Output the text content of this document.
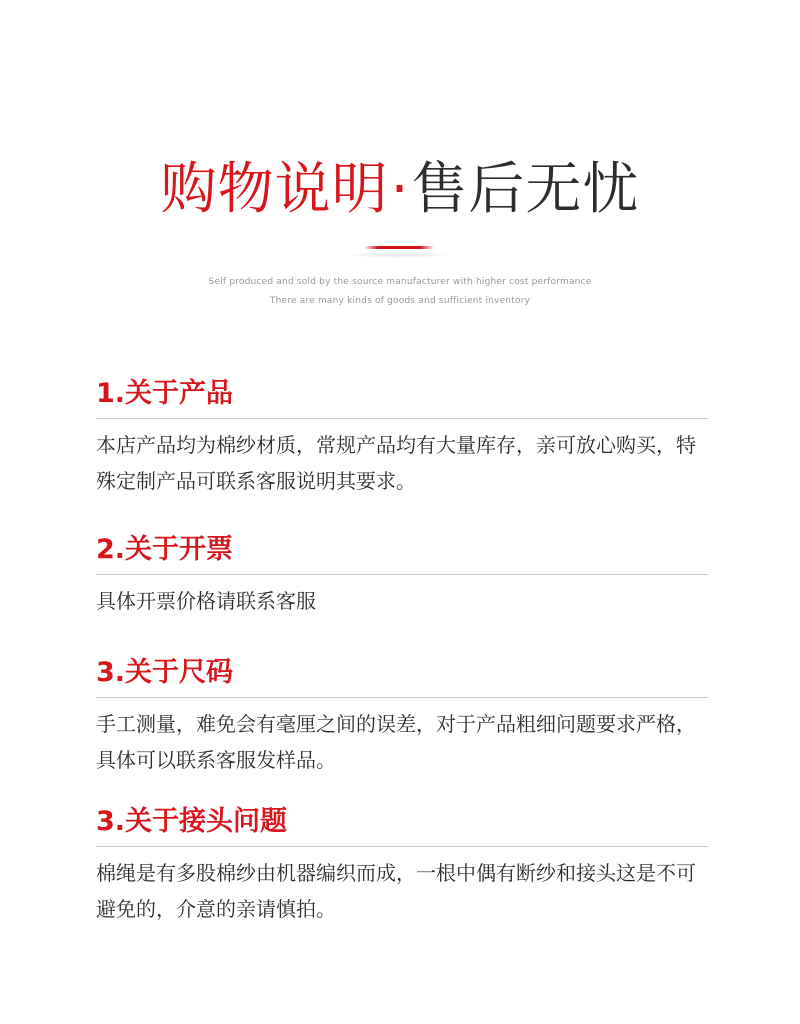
购物说明·售后无忧
Self produced and sold by the source manufacturer with higher cost performance
There are many kinds of goods and sufficient inventory
1.关于产品
本店产品均为棉纱材质，常规产品均有大量库存，亲可放心购买，特殊定制产品可联系客服说明其要求。
2.关于开票
具体开票价格请联系客服
3.关于尺码
手工测量，难免会有毫厘之间的误差，对于产品粗细问题要求严格，具体可以联系客服发样品。
3.关于接头问题
棉绳是有多股棉纱由机器编织而成，一根中偶有断纱和接头这是不可避免的，介意的亲请慎拍。
